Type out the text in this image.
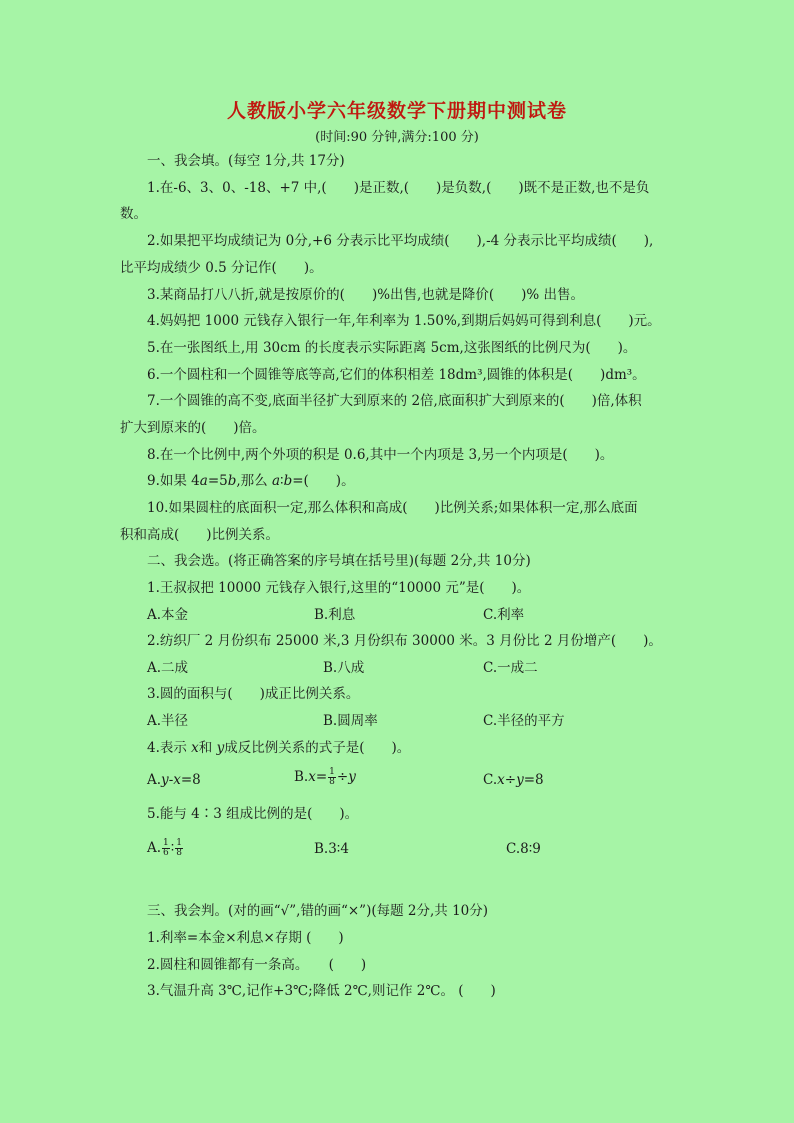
人教版小学六年级数学下册期中测试卷
(时间:90 分钟,满分:100 分)
一、我会填。(每空 1分,共 17分)
1.在-6、3、0、-18、+7 中,(　　)是正数,(　　)是负数,(　　)既不是正数,也不是负
数。
2.如果把平均成绩记为 0分,+6 分表示比平均成绩(　　),-4 分表示比平均成绩(　　),
比平均成绩少 0.5 分记作(　　)。
3.某商品打八八折,就是按原价的(　　)%出售,也就是降价(　　)% 出售。
4.妈妈把 1000 元钱存入银行一年,年利率为 1.50%,到期后妈妈可得到利息(　　)元。
5.在一张图纸上,用 30cm 的长度表示实际距离 5cm,这张图纸的比例尺为(　　)。
6.一个圆柱和一个圆锥等底等高,它们的体积相差 18dm³,圆锥的体积是(　　)dm³。
7.一个圆锥的高不变,底面半径扩大到原来的 2倍,底面积扩大到原来的(　　)倍,体积
扩大到原来的(　　)倍。
8.在一个比例中,两个外项的积是 0.6,其中一个内项是 3,另一个内项是(　　)。
9.如果 4a=5b,那么 a∶b=(　　)。
10.如果圆柱的底面积一定,那么体积和高成(　　)比例关系;如果体积一定,那么底面
积和高成(　　)比例关系。
二、我会选。(将正确答案的序号填在括号里)(每题 2分,共 10分)
1.王叔叔把 10000 元钱存入银行,这里的“10000 元”是(　　)。
A.本金	B.利息	C.利率
2.纺织厂 2 月份织布 25000 米,3 月份织布 30000 米。3 月份比 2 月份增产(　　)。
A.二成	B.八成	C.一成二
3.圆的面积与(　　)成正比例关系。
A.半径	B.圆周率	C.半径的平方
4.表示 x和 y成反比例关系的式子是(　　)。
A.y-x=8	$B.x= \frac{1}{8} \div y$	C.x÷y=8
5.能与 4∶3 组成比例的是(　　)。
A. $\frac{1}{6}$ ∶ $\frac{1}{8}$	B.3∶4	C.8∶9
三、我会判。(对的画“√”,错的画“×”)(每题 2分,共 10分)
1.利率=本金×利息×存期 (　　)
2.圆柱和圆锥都有一条高。　　(　　)
3.气温升高 3℃,记作+3℃;降低 2℃,则记作 2℃。 (　　)
